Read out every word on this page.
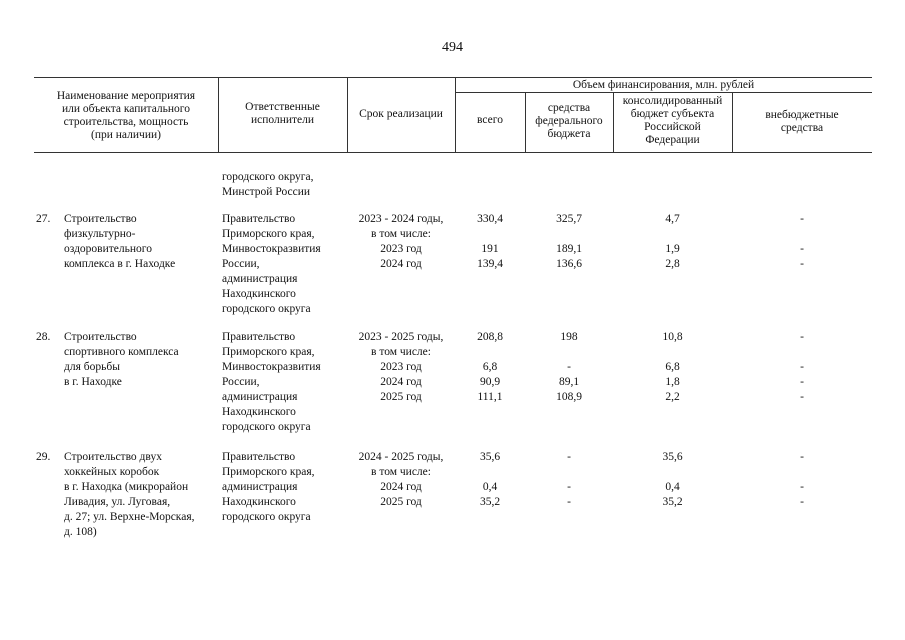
494
Наименование мероприятия
или объекта капитального
строительства, мощность
(при наличии)
Ответственные
исполнители	Срок реализации
Объем финансирования, млн. рублей
всего
средства
федерального
бюджета
консолидированный
бюджет субъекта
Российской
Федерации
внебюджетные
средства
городского округа,
Минстрой России
27. Строительство
физкультурно-
оздоровительного
комплекса в г. Находке
Правительство
Приморского края,
Минвостокразвития
России,
администрация
Находкинского
городского округа
2023 - 2024 годы,
в том числе:
2023 год
2024 год
330,4

191
139,4
325,7

189,1
136,6
4,7

1,9
2,8
-

-
-
28. Строительство
спортивного комплекса
для борьбы
в г. Находке
Правительство
Приморского края,
Минвостокразвития
России,
администрация
Находкинского
городского округа
2023 - 2025 годы,
в том числе:
2023 год
2024 год
2025 год
208,8

6,8
90,9
111,1
198

-
89,1
108,9
10,8

6,8
1,8
2,2
-

-
-
-
29. Строительство двух
хоккейных коробок
в г. Находка (микрорайон
Ливадия, ул. Луговая,
д. 27; ул. Верхне-Морская,
д. 108)
Правительство
Приморского края,
администрация
Находкинского
городского округа
2024 - 2025 годы,
в том числе:
2024 год
2025 год
35,6

0,4
35,2
-

-
-
35,6

0,4
35,2
-

-
-
